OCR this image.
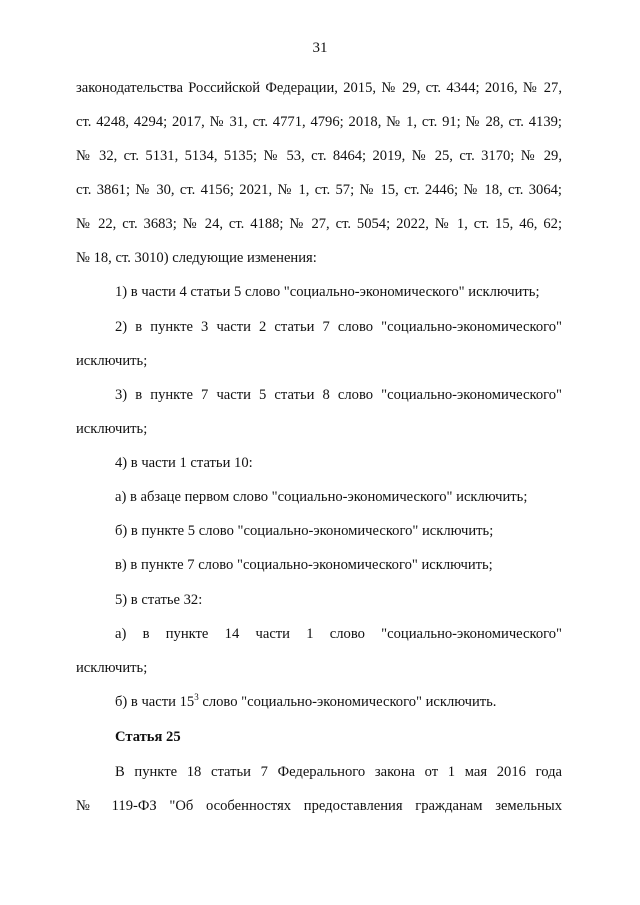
31
законодательства Российской Федерации, 2015, № 29, ст. 4344; 2016, № 27,
ст. 4248, 4294; 2017, № 31, ст. 4771, 4796; 2018, № 1, ст. 91; № 28, ст. 4139;
№ 32, ст. 5131, 5134, 5135; № 53, ст. 8464; 2019, № 25, ст. 3170; № 29,
ст. 3861; № 30, ст. 4156; 2021, № 1, ст. 57; № 15, ст. 2446; № 18, ст. 3064;
№ 22, ст. 3683; № 24, ст. 4188; № 27, ст. 5054; 2022, № 1, ст. 15, 46, 62;
№ 18, ст. 3010) следующие изменения:
1) в части 4 статьи 5 слово "социально-экономического" исключить;
2) в пункте 3 части 2 статьи 7 слово "социально-экономического"
исключить;
3) в пункте 7 части 5 статьи 8 слово "социально-экономического"
исключить;
4) в части 1 статьи 10:
а) в абзаце первом слово "социально-экономического" исключить;
б) в пункте 5 слово "социально-экономического" исключить;
в) в пункте 7 слово "социально-экономического" исключить;
5) в статье 32:
а) в пункте 14 части 1 слово "социально-экономического"
исключить;
б) в части $15^3$ слово "социально-экономического" исключить.
Статья 25
В пункте 18 статьи 7 Федерального закона от 1 мая 2016 года
№ 119-ФЗ "Об особенностях предоставления гражданам земельных
